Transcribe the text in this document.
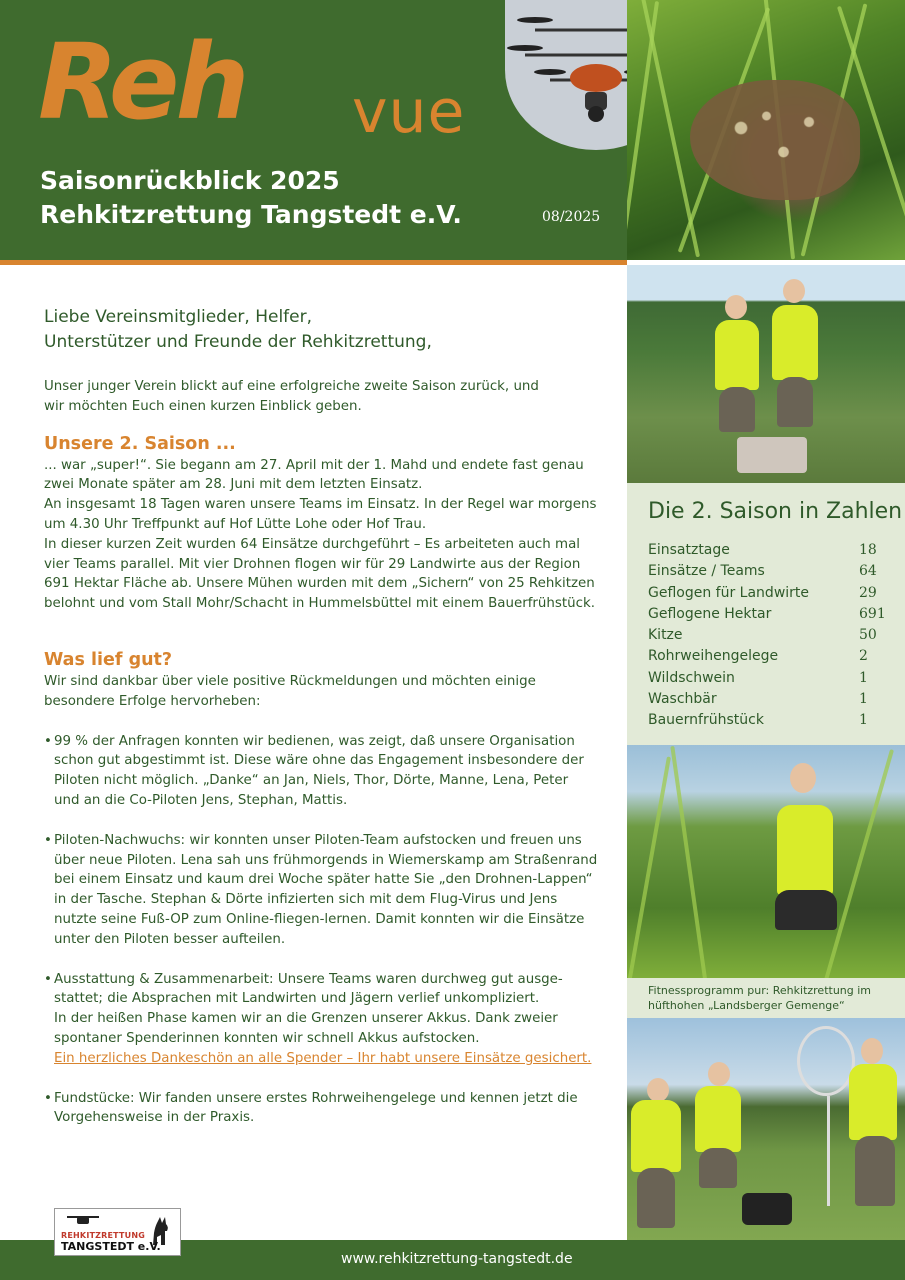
Reh vue
Saisonrückblick 2025
Rehkitzrettung Tangstedt e.V.	08/2025
Die 2. Saison in Zahlen
Einsatztage	18
Einsätze / Teams	64
Geflogen für Landwirte	29
Geflogene Hektar	691
Kitze	50
Rohrweihengelege	2
Wildschwein	1
Waschbär	1
Bauernfrühstück	1
Fitnessprogramm pur: Rehkitzrettung im
hüfthohen „Landsberger Gemenge“
Liebe Vereinsmitglieder, Helfer,
Unterstützer und Freunde der Rehkitzrettung,
Unser junger Verein blickt auf eine erfolgreiche zweite Saison zurück, und
wir möchten Euch einen kurzen Einblick geben.
Unsere 2. Saison ...
... war „super!“. Sie begann am 27. April mit der 1. Mahd und endete fast genau
zwei Monate später am 28. Juni mit dem letzten Einsatz.
An insgesamt 18 Tagen waren unsere Teams im Einsatz. In der Regel war morgens
um 4.30 Uhr Treffpunkt auf Hof Lütte Lohe oder Hof Trau.
In dieser kurzen Zeit wurden 64 Einsätze durchgeführt – Es arbeiteten auch mal
vier Teams parallel. Mit vier Drohnen flogen wir für 29 Landwirte aus der Region
691 Hektar Fläche ab. Unsere Mühen wurden mit dem „Sichern“ von 25 Rehkitzen
belohnt und vom Stall Mohr/Schacht in Hummelsbüttel mit einem Bauerfrühstück.
Was lief gut?
Wir sind dankbar über viele positive Rückmeldungen und möchten einige
besondere Erfolge hervorheben:
• 99 % der Anfragen konnten wir bedienen, was zeigt, daß unsere Organisation
schon gut abgestimmt ist. Diese wäre ohne das Engagement insbesondere der
Piloten nicht möglich. „Danke“ an Jan, Niels, Thor, Dörte, Manne, Lena, Peter
und an die Co-Piloten Jens, Stephan, Mattis.
• Piloten-Nachwuchs: wir konnten unser Piloten-Team aufstocken und freuen uns
über neue Piloten. Lena sah uns frühmorgends in Wiemerskamp am Straßenrand
bei einem Einsatz und kaum drei Woche später hatte Sie „den Drohnen-Lappen“
in der Tasche. Stephan & Dörte infizierten sich mit dem Flug-Virus und Jens
nutzte seine Fuß-OP zum Online-fliegen-lernen. Damit konnten wir die Einsätze
unter den Piloten besser aufteilen.
• Ausstattung & Zusammenarbeit: Unsere Teams waren durchweg gut ausge-
stattet; die Absprachen mit Landwirten und Jägern verlief unkompliziert.
In der heißen Phase kamen wir an die Grenzen unserer Akkus. Dank zweier
spontaner Spenderinnen konnten wir schnell Akkus aufstocken.
Ein herzliches Dankeschön an alle Spender – Ihr habt unsere Einsätze gesichert.
• Fundstücke: Wir fanden unsere erstes Rohrweihengelege und kennen jetzt die
Vorgehensweise in der Praxis.
REHKITZRETTUNG
TANGSTEDT e.V.
www.rehkitzrettung-tangstedt.de
